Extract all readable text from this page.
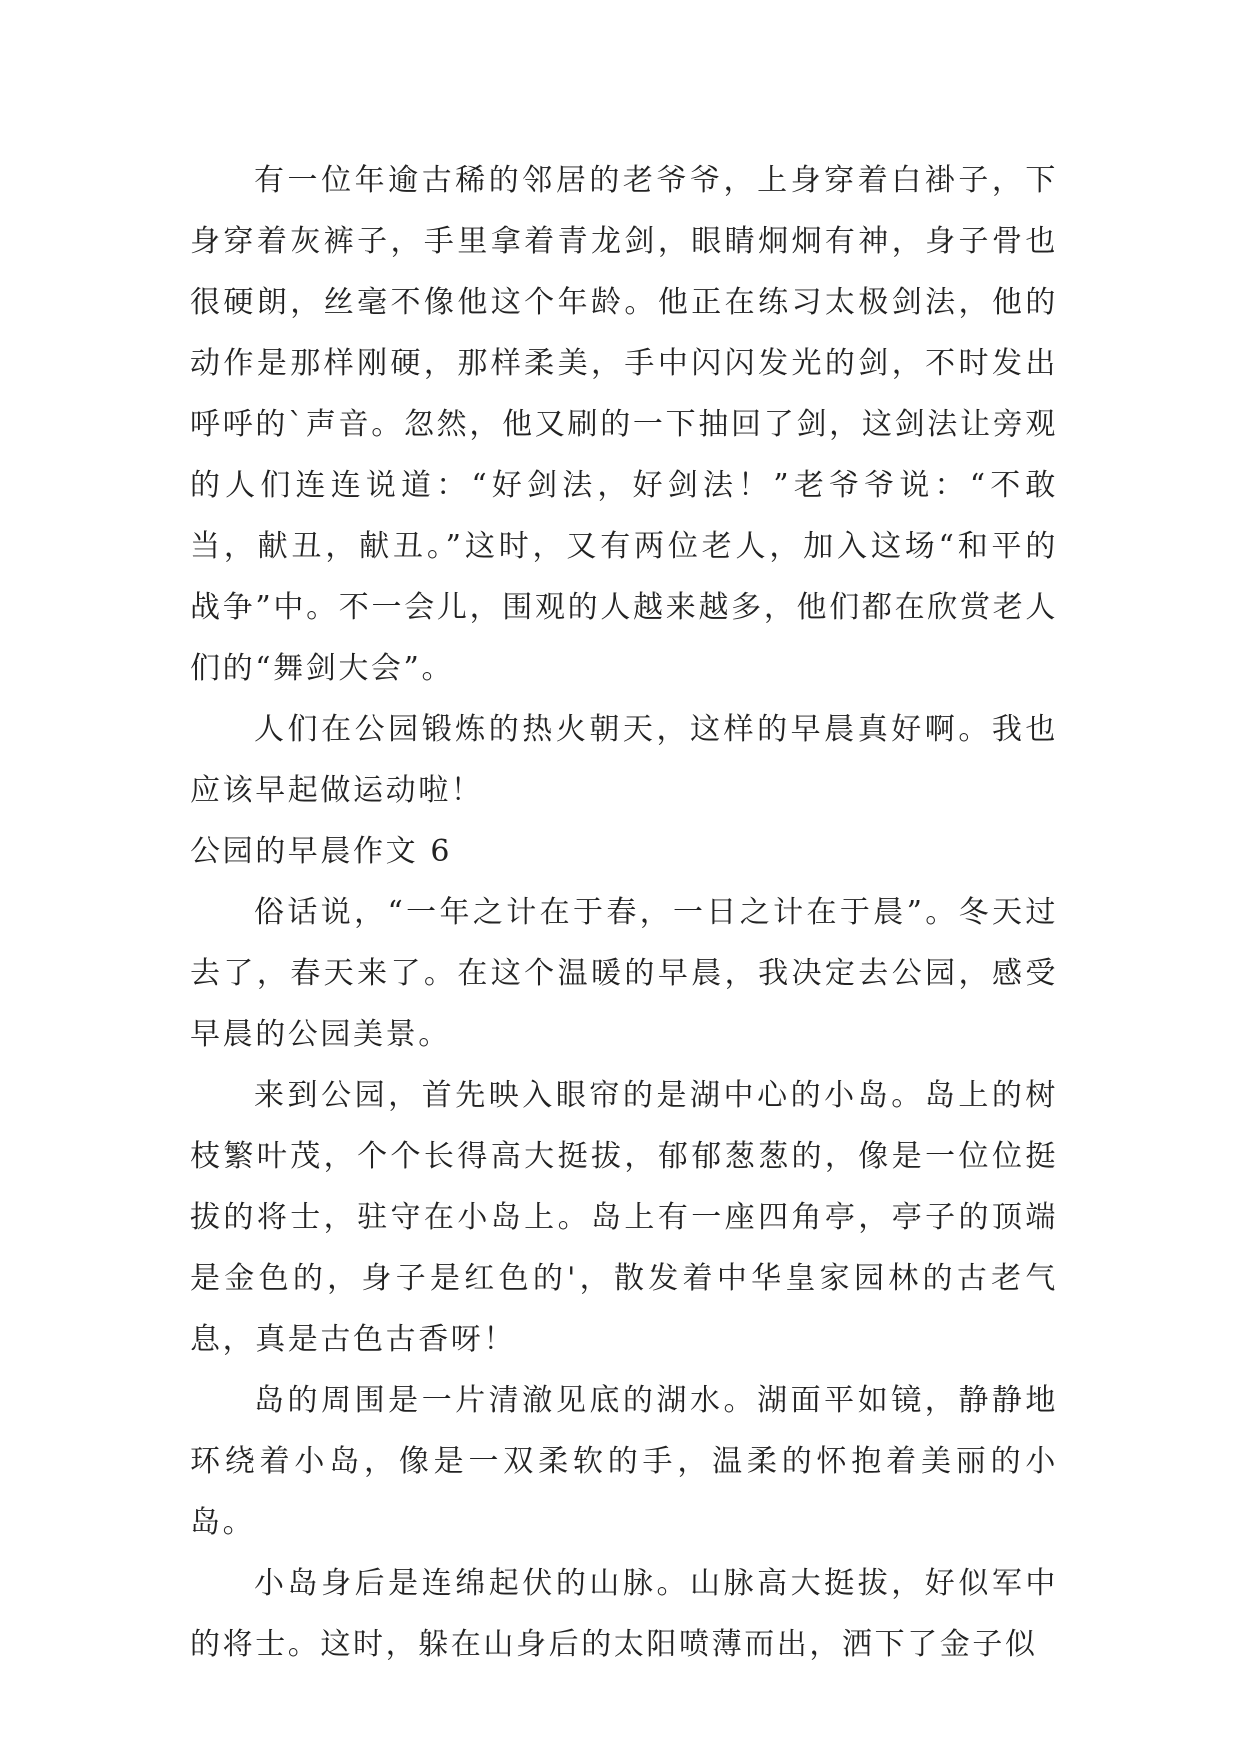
有一位年逾古稀的邻居的老爷爷，上身穿着白褂子，下身穿着灰裤子，手里拿着青龙剑，眼睛炯炯有神，身子骨也很硬朗，丝毫不像他这个年龄。他正在练习太极剑法，他的动作是那样刚硬，那样柔美，手中闪闪发光的剑，不时发出呼呼的`声音。忽然，他又刷的一下抽回了剑，这剑法让旁观的人们连连说道：“好剑法，好剑法！”老爷爷说：“不敢当，献丑，献丑。”这时，又有两位老人，加入这场“和平的战争”中。不一会儿，围观的人越来越多，他们都在欣赏老人们的“舞剑大会”。

人们在公园锻炼的热火朝天，这样的早晨真好啊。我也应该早起做运动啦！

公园的早晨作文 6

俗话说，“一年之计在于春，一日之计在于晨”。冬天过去了，春天来了。在这个温暖的早晨，我决定去公园，感受早晨的公园美景。

来到公园，首先映入眼帘的是湖中心的小岛。岛上的树枝繁叶茂，个个长得高大挺拔，郁郁葱葱的，像是一位位挺拔的将士，驻守在小岛上。岛上有一座四角亭，亭子的顶端是金色的，身子是红色的'，散发着中华皇家园林的古老气息，真是古色古香呀！

岛的周围是一片清澈见底的湖水。湖面平如镜，静静地环绕着小岛，像是一双柔软的手，温柔的怀抱着美丽的小岛。

小岛身后是连绵起伏的山脉。山脉高大挺拔，好似军中的将士。这时，躲在山身后的太阳喷薄而出，洒下了金子似
